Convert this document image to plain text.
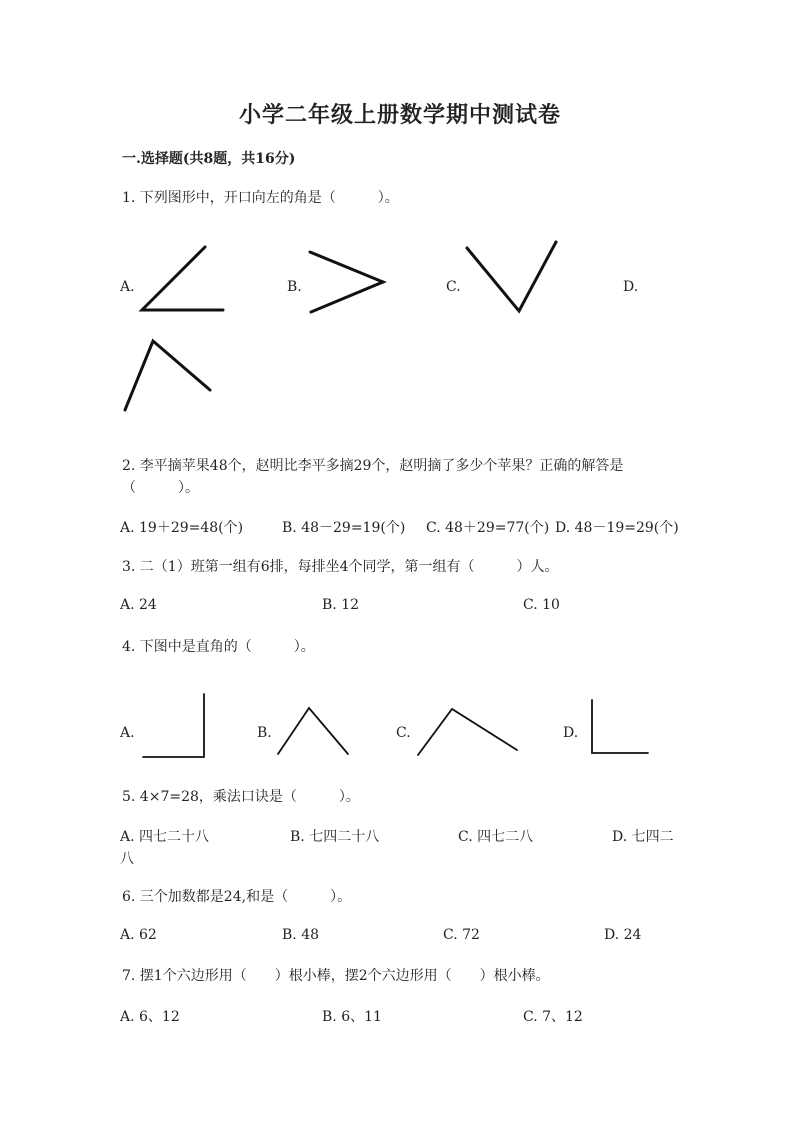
小学二年级上册数学期中测试卷
一.选择题(共8题，共16分)
1. 下列图形中，开口向左的角是（　　　）。
A.	B.	C.	D.
2. 李平摘苹果48个，赵明比李平多摘29个，赵明摘了多少个苹果？正确的解答是（　　　）。
A. 19＋29=48(个)	B. 48－29=19(个) C. 48＋29=77(个) D. 48－19=29(个)
3. 二（1）班第一组有6排，每排坐4个同学，第一组有（　　　）人。
A. 24	B. 12	C. 10
4. 下图中是直角的（　　　）。
A.	B.	C.	D.
5. 4×7=28，乘法口诀是（　　　）。
A. 四七二十八	B. 七四二十八	C. 四七二八	D. 七四二
八
6. 三个加数都是24,和是（　　　）。
A. 62	B. 48	C. 72	D. 24
7. 摆1个六边形用（　　）根小棒，摆2个六边形用（　　）根小棒。
A. 6、12	B. 6、11	C. 7、12
